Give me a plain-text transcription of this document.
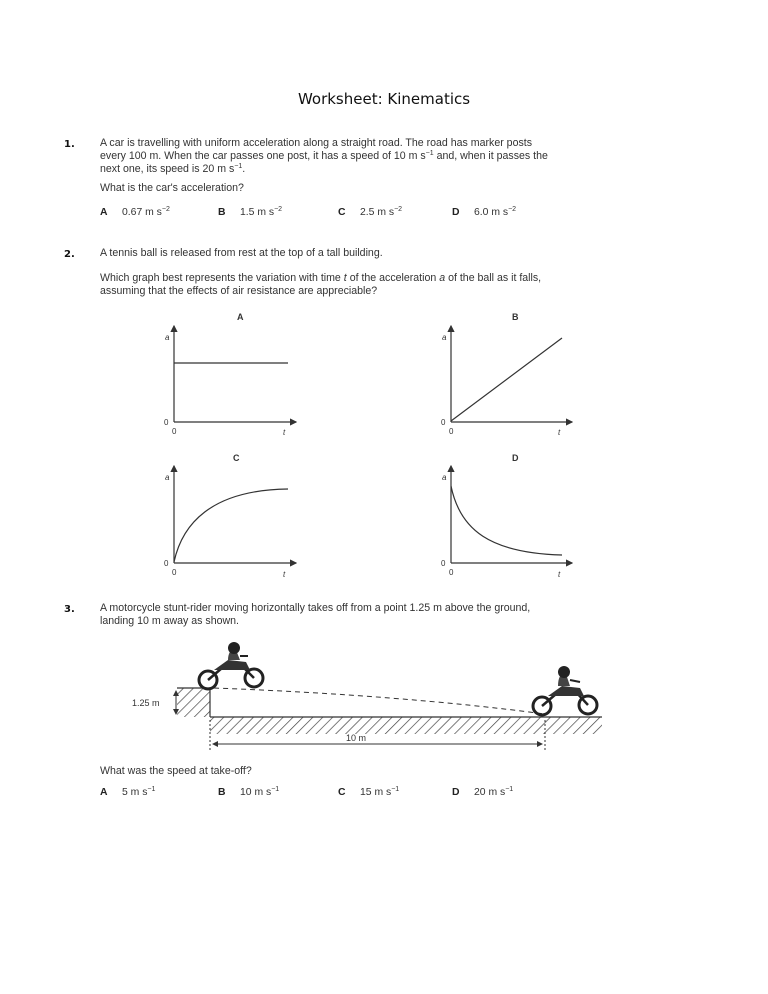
Worksheet: Kinematics
1. A car is travelling with uniform acceleration along a straight road. The road has marker posts
every 100 m. When the car passes one post, it has a speed of 10 m $s^{-1}$ and, when it passes the
next one, its speed is 20 m $s^{-1}$.
What is the car's acceleration?
A 0.67 m $s^{-2}$	B 1.5 m $s^{-2}$	C 2.5 m $s^{-2}$	D 6.0 m $s^{-2}$
2. A tennis ball is released from rest at the top of a tall building.
Which graph best represents the variation with time t of the acceleration a of the ball as it falls,
assuming that the effects of air resistance are appreciable?
A
a
t
0
0
B
a
t
0
0
C
a
t
0
0
D
a
t
0
0
3. A motorcycle stunt-rider moving horizontally takes off from a point 1.25 m above the ground,
landing 10 m away as shown.
1.25 m
10 m
What was the speed at take-off?
A 5 m $s^{-1}$	B 10 m $s^{-1}$	C 15 m $s^{-1}$	D 20 m $s^{-1}$
